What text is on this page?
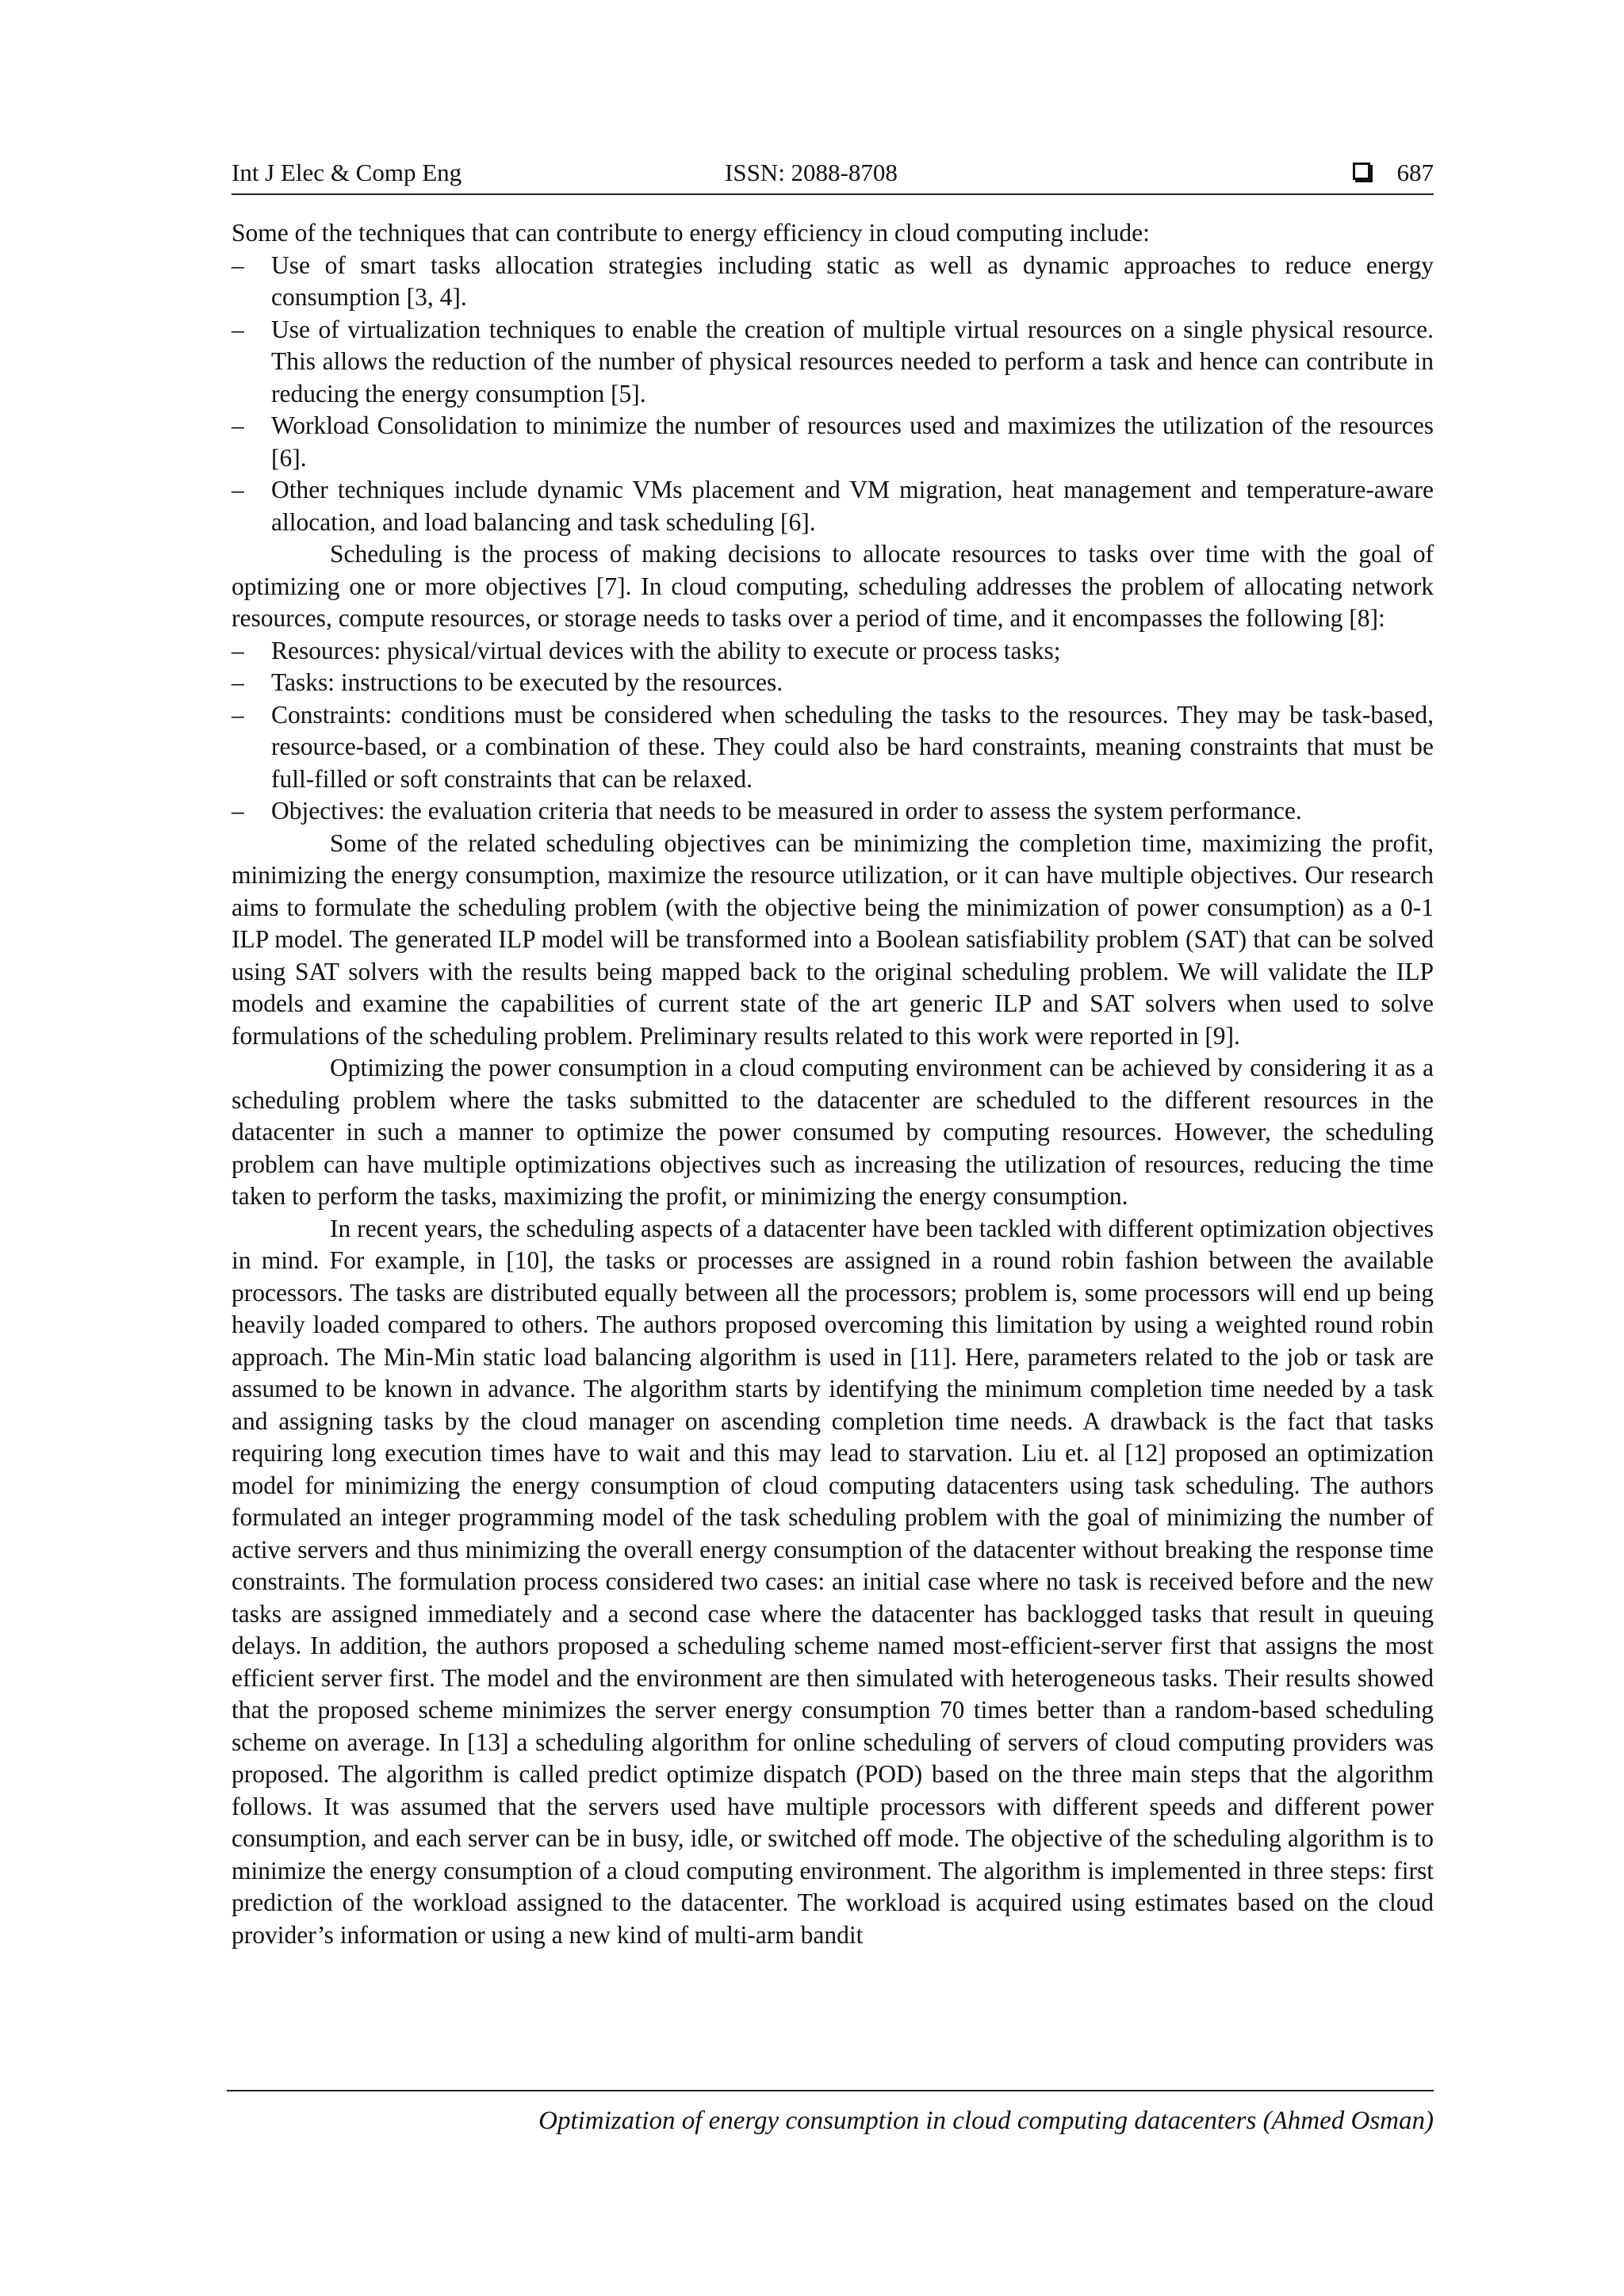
Int J Elec & Comp Eng	ISSN: 2088-8708	687

Some of the techniques that can contribute to energy efficiency in cloud computing include:

– Use of smart tasks allocation strategies including static as well as dynamic approaches to reduce energy consumption [3, 4].
– Use of virtualization techniques to enable the creation of multiple virtual resources on a single physical resource. This allows the reduction of the number of physical resources needed to perform a task and hence can contribute in reducing the energy consumption [5].
– Workload Consolidation to minimize the number of resources used and maximizes the utilization of the resources [6].
– Other techniques include dynamic VMs placement and VM migration, heat management and temperature-aware allocation, and load balancing and task scheduling [6].

Scheduling is the process of making decisions to allocate resources to tasks over time with the goal of optimizing one or more objectives [7]. In cloud computing, scheduling addresses the problem of allocating network resources, compute resources, or storage needs to tasks over a period of time, and it encompasses the following [8]:

– Resources: physical/virtual devices with the ability to execute or process tasks;
– Tasks: instructions to be executed by the resources.
– Constraints: conditions must be considered when scheduling the tasks to the resources. They may be task-based, resource-based, or a combination of these. They could also be hard constraints, meaning constraints that must be full-filled or soft constraints that can be relaxed.
– Objectives: the evaluation criteria that needs to be measured in order to assess the system performance.

Some of the related scheduling objectives can be minimizing the completion time, maximizing the profit, minimizing the energy consumption, maximize the resource utilization, or it can have multiple objectives. Our research aims to formulate the scheduling problem (with the objective being the minimization of power consumption) as a 0-1 ILP model. The generated ILP model will be transformed into a Boolean satisfiability problem (SAT) that can be solved using SAT solvers with the results being mapped back to the original scheduling problem. We will validate the ILP models and examine the capabilities of current state of the art generic ILP and SAT solvers when used to solve formulations of the scheduling problem. Preliminary results related to this work were reported in [9].

Optimizing the power consumption in a cloud computing environment can be achieved by considering it as a scheduling problem where the tasks submitted to the datacenter are scheduled to the different resources in the datacenter in such a manner to optimize the power consumed by computing resources. However, the scheduling problem can have multiple optimizations objectives such as increasing the utilization of resources, reducing the time taken to perform the tasks, maximizing the profit, or minimizing the energy consumption.

In recent years, the scheduling aspects of a datacenter have been tackled with different optimization objectives in mind. For example, in [10], the tasks or processes are assigned in a round robin fashion between the available processors. The tasks are distributed equally between all the processors; problem is, some processors will end up being heavily loaded compared to others. The authors proposed overcoming this limitation by using a weighted round robin approach. The Min-Min static load balancing algorithm is used in [11]. Here, parameters related to the job or task are assumed to be known in advance. The algorithm starts by identifying the minimum completion time needed by a task and assigning tasks by the cloud manager on ascending completion time needs. A drawback is the fact that tasks requiring long execution times have to wait and this may lead to starvation. Liu et. al [12] proposed an optimization model for minimizing the energy consumption of cloud computing datacenters using task scheduling. The authors formulated an integer programming model of the task scheduling problem with the goal of minimizing the number of active servers and thus minimizing the overall energy consumption of the datacenter without breaking the response time constraints. The formulation process considered two cases: an initial case where no task is received before and the new tasks are assigned immediately and a second case where the datacenter has backlogged tasks that result in queuing delays. In addition, the authors proposed a scheduling scheme named most-efficient-server first that assigns the most efficient server first. The model and the environment are then simulated with heterogeneous tasks. Their results showed that the proposed scheme minimizes the server energy consumption 70 times better than a random-based scheduling scheme on average. In [13] a scheduling algorithm for online scheduling of servers of cloud computing providers was proposed. The algorithm is called predict optimize dispatch (POD) based on the three main steps that the algorithm follows. It was assumed that the servers used have multiple processors with different speeds and different power consumption, and each server can be in busy, idle, or switched off mode. The objective of the scheduling algorithm is to minimize the energy consumption of a cloud computing environment. The algorithm is implemented in three steps: first prediction of the workload assigned to the datacenter. The workload is acquired using estimates based on the cloud provider’s information or using a new kind of multi-arm bandit

Optimization of energy consumption in cloud computing datacenters (Ahmed Osman)
